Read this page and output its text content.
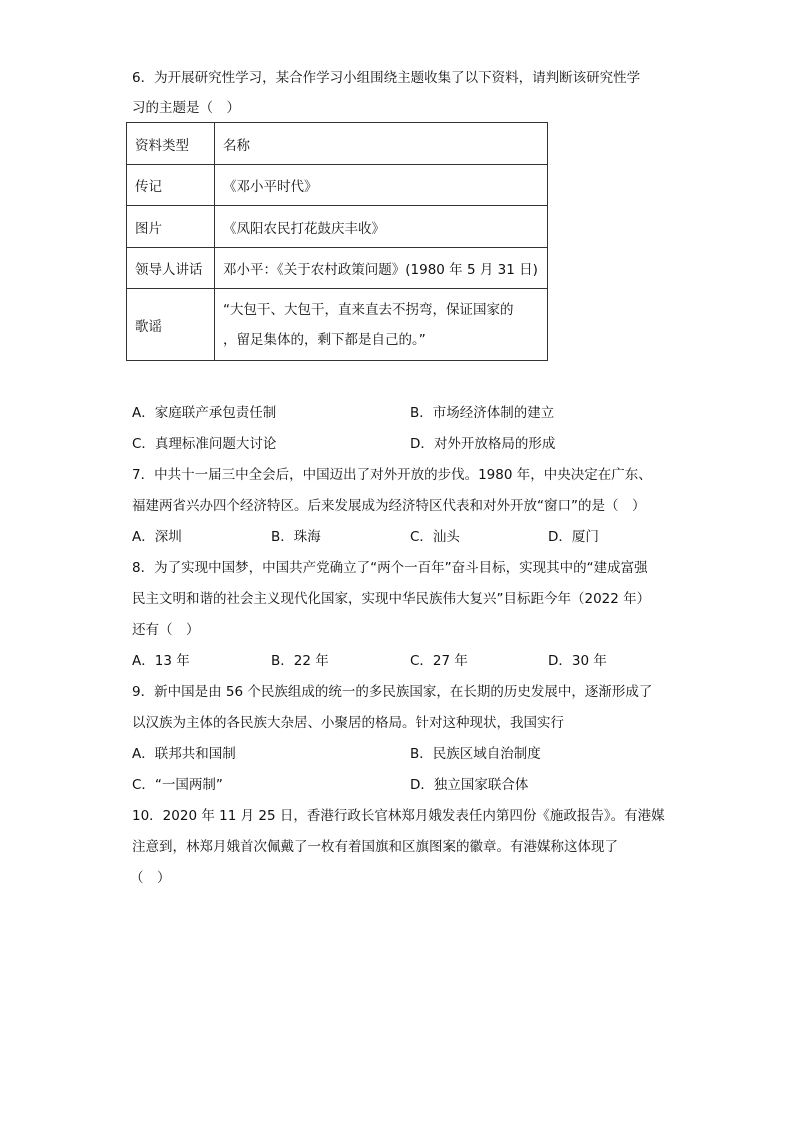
6．为开展研究性学习，某合作学习小组围绕主题收集了以下资料，请判断该研究性学
习的主题是（　）
资料类型	名称
传记	《邓小平时代》
图片	《凤阳农民打花鼓庆丰收》
领导人讲话	邓小平：《关于农村政策问题》(1980 年 5 月 31 日)
歌谣	“大包干、大包干，直来直去不拐弯，保证国家的
，留足集体的，剩下都是自己的。”
A．家庭联产承包责任制	B．市场经济体制的建立
C．真理标准问题大讨论	D．对外开放格局的形成
7．中共十一届三中全会后，中国迈出了对外开放的步伐。1980 年，中央决定在广东、
福建两省兴办四个经济特区。后来发展成为经济特区代表和对外开放“窗口”的是（　）
A．深圳	B．珠海	C．汕头	D．厦门
8．为了实现中国梦，中国共产党确立了“两个一百年”奋斗目标，实现其中的“建成富强
民主文明和谐的社会主义现代化国家，实现中华民族伟大复兴”目标距今年（2022 年）
还有（　）
A．13 年	B．22 年	C．27 年	D．30 年
9．新中国是由 56 个民族组成的统一的多民族国家，在长期的历史发展中，逐渐形成了
以汉族为主体的各民族大杂居、小聚居的格局。针对这种现状，我国实行
A．联邦共和国制	B．民族区域自治制度
C．“一国两制”	D．独立国家联合体
10．2020 年 11 月 25 日，香港行政长官林郑月娥发表任内第四份《施政报告》。有港媒
注意到，林郑月娥首次佩戴了一枚有着国旗和区旗图案的徽章。有港媒称这体现了
（　）
